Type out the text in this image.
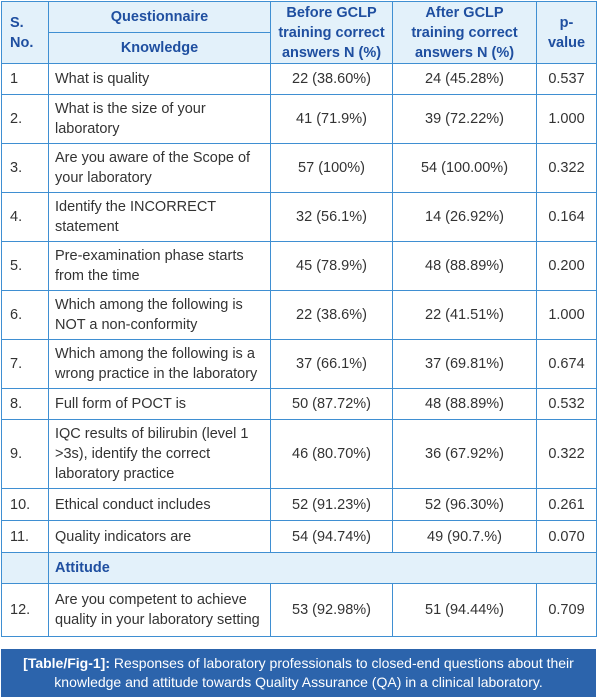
S. No.	Questionnaire	Before GCLP training correct answers N (%)	After GCLP training correct answers N (%)	p-value
	Knowledge			
1	What is quality	22 (38.60%)	24 (45.28%)	0.537
2.	What is the size of your laboratory	41 (71.9%)	39 (72.22%)	1.000
3.	Are you aware of the Scope of your laboratory	57 (100%)	54 (100.00%)	0.322
4.	Identify the INCORRECT statement	32 (56.1%)	14 (26.92%)	0.164
5.	Pre-examination phase starts from the time	45 (78.9%)	48 (88.89%)	0.200
6.	Which among the following is NOT a non-conformity	22 (38.6%)	22 (41.51%)	1.000
7.	Which among the following is a wrong practice in the laboratory	37 (66.1%)	37 (69.81%)	0.674
8.	Full form of POCT is	50 (87.72%)	48 (88.89%)	0.532
9.	IQC results of bilirubin (level 1 >3s), identify the correct laboratory practice	46 (80.70%)	36 (67.92%)	0.322
10.	Ethical conduct includes	52 (91.23%)	52 (96.30%)	0.261
11.	Quality indicators are	54 (94.74%)	49 (90.7.%)	0.070
	Attitude			
12.	Are you competent to achieve quality in your laboratory setting	53 (92.98%)	51 (94.44%)	0.709
[Table/Fig-1]: Responses of laboratory professionals to closed-end questions about their knowledge and attitude towards Quality Assurance (QA) in a clinical laboratory.
